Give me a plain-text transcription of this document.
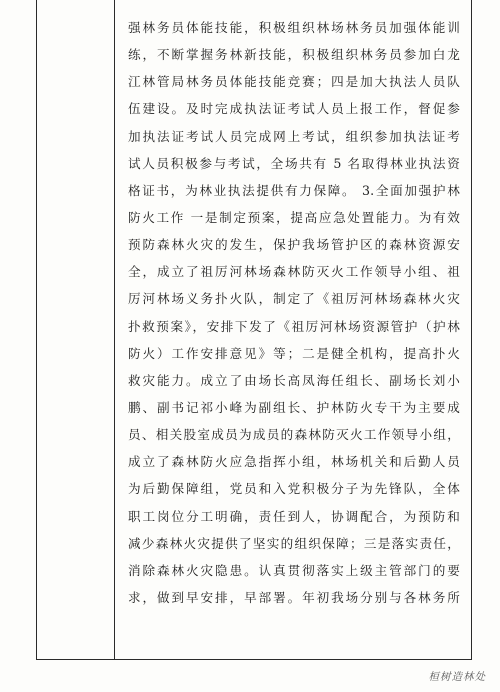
强林务员体能技能，积极组织林场林务员加强体能训
练，不断掌握务林新技能，积极组织林务员参加白龙
江林管局林务员体能技能竞赛；四是加大执法人员队
伍建设。及时完成执法证考试人员上报工作，督促参
加执法证考试人员完成网上考试，组织参加执法证考
试人员积极参与考试，全场共有 5 名取得林业执法资
格证书，为林业执法提供有力保障。 3.全面加强护林
防火工作 一是制定预案，提高应急处置能力。为有效
预防森林火灾的发生，保护我场管护区的森林资源安
全，成立了祖厉河林场森林防灭火工作领导小组、祖
厉河林场义务扑火队，制定了《祖厉河林场森林火灾
扑救预案》，安排下发了《祖厉河林场资源管护（护林
防火）工作安排意见》等；二是健全机构，提高扑火
救灾能力。成立了由场长高凤海任组长、副场长刘小
鹏、副书记祁小峰为副组长、护林防火专干为主要成
员、相关股室成员为成员的森林防灭火工作领导小组，
成立了森林防火应急指挥小组，林场机关和后勤人员
为后勤保障组，党员和入党积极分子为先锋队，全体
职工岗位分工明确，责任到人，协调配合，为预防和
减少森林火灾提供了坚实的组织保障；三是落实责任，
消除森林火灾隐患。认真贯彻落实上级主管部门的要
求，做到早安排，早部署。年初我场分别与各林务所
桓树造林处
